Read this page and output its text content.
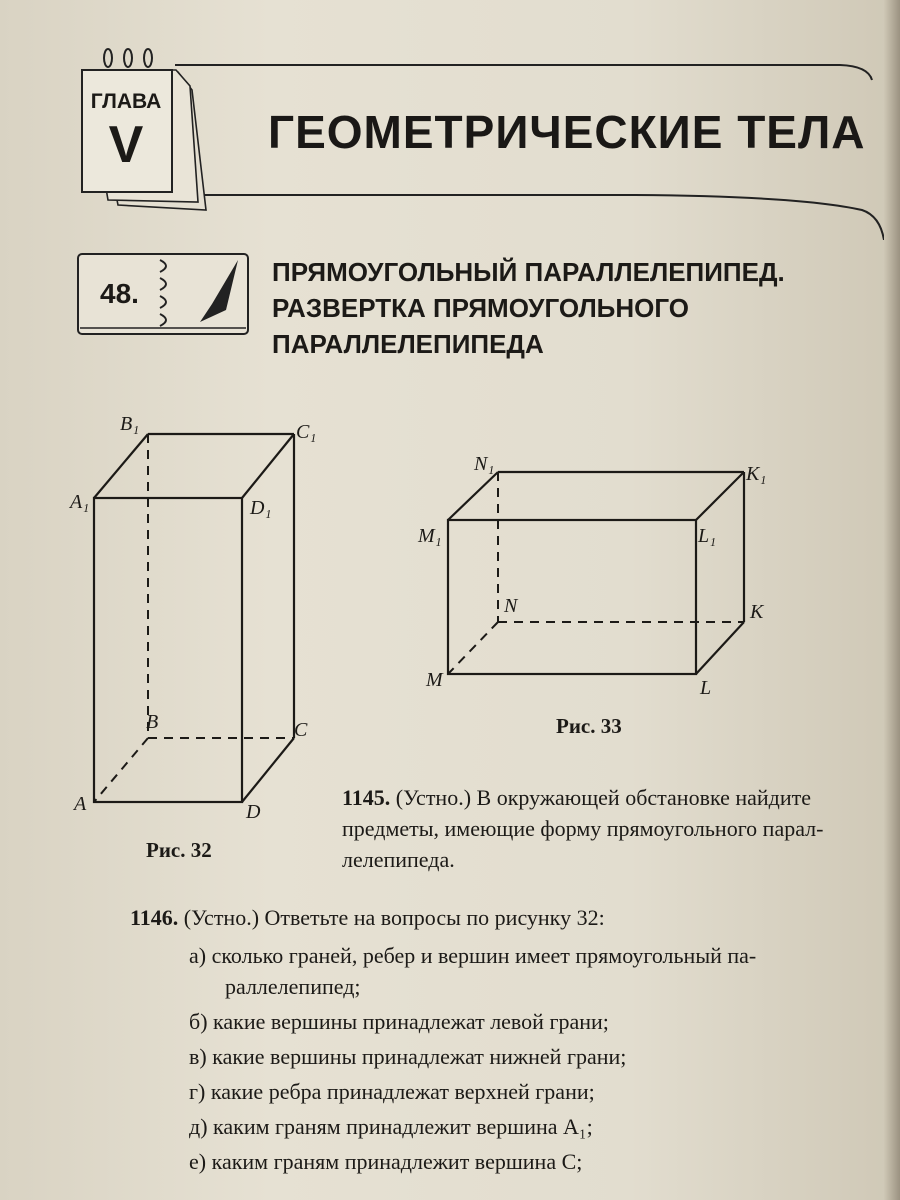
ГЛАВА
V	ГЕОМЕТРИЧЕСКИЕ ТЕЛА
48.
ПРЯМОУГОЛЬНЫЙ ПАРАЛЛЕЛЕПИПЕД.
РАЗВЕРТКА ПРЯМОУГОЛЬНОГО
ПАРАЛЛЕЛЕПИПЕДА
B₁	C₁
A₁	D₁
B	C
A	D
Рис. 32
N₁	K₁
M₁	L₁
N	K
M	L
Рис. 33
1145. (Устно.) В окружающей обстановке найдите
предметы, имеющие форму прямоугольного парал-
лелепипеда.
1146. (Устно.) Ответьте на вопросы по рисунку 32:
а) сколько граней, ребер и вершин имеет прямоугольный па-
раллелепипед;
б) какие вершины принадлежат левой грани;
в) какие вершины принадлежат нижней грани;
г) какие ребра принадлежат верхней грани;
д) каким граням принадлежит вершина A₁;
е) каким граням принадлежит вершина C;
